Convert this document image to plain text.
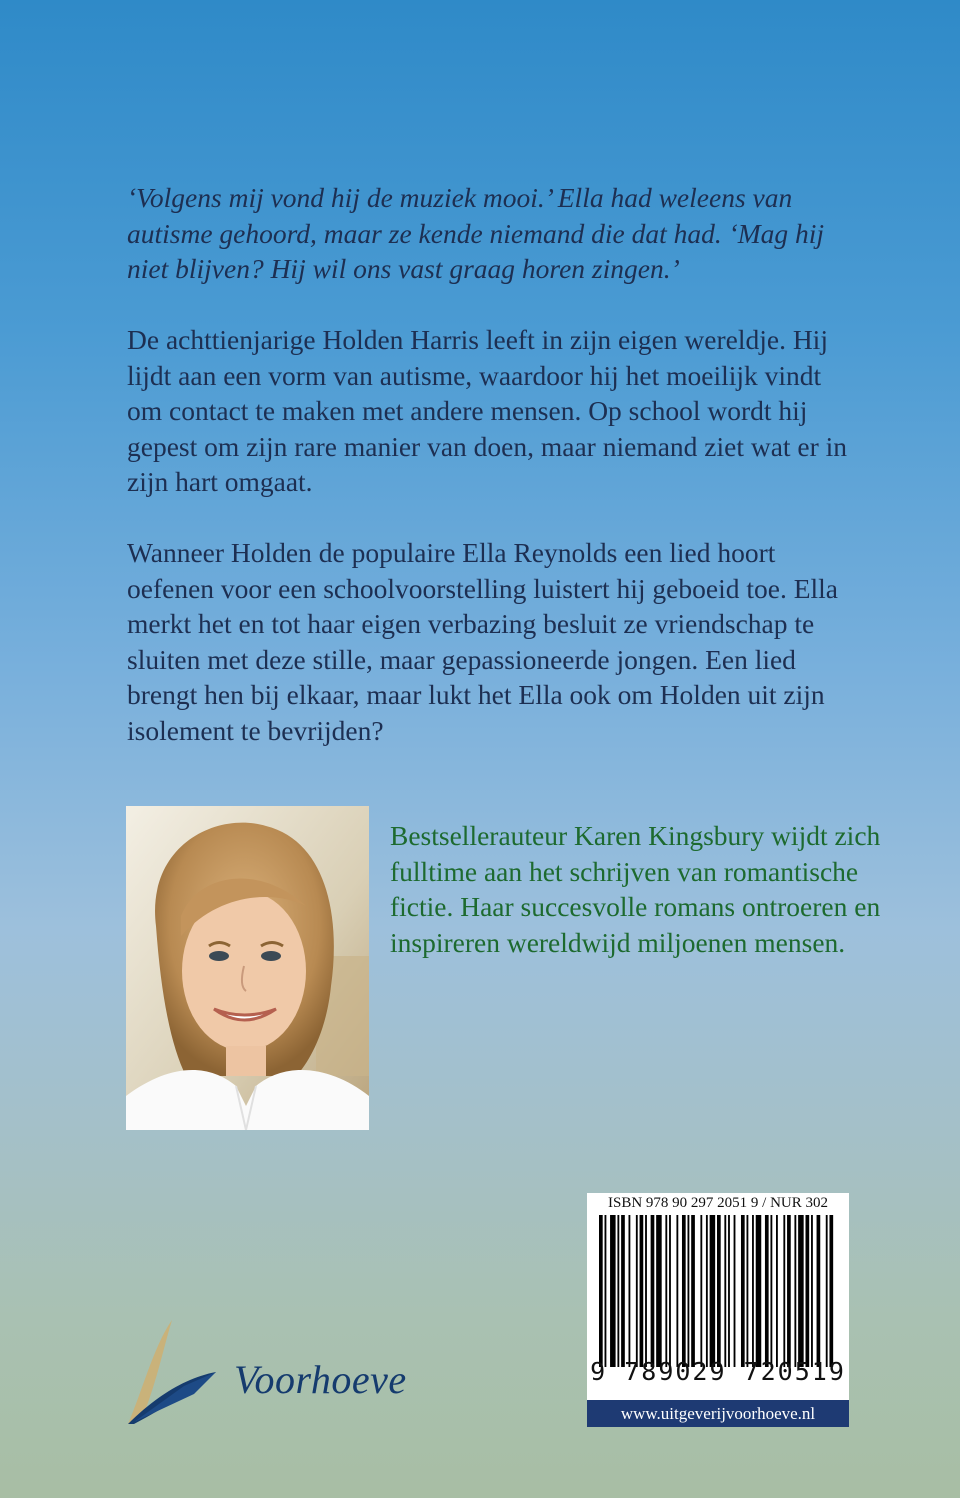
‘Volgens mij vond hij de muziek mooi.’ Ella had weleens van

autisme gehoord, maar ze kende niemand die dat had. ‘Mag hij

niet blijven? Hij wil ons vast graag horen zingen.’

De achttienjarige Holden Harris leeft in zijn eigen wereldje. Hij

lijdt aan een vorm van autisme, waardoor hij het moeilijk vindt

om contact te maken met andere mensen. Op school wordt hij

gepest om zijn rare manier van doen, maar niemand ziet wat er in

zijn hart omgaat.

Wanneer Holden de populaire Ella Reynolds een lied hoort

oefenen voor een schoolvoorstelling luistert hij geboeid toe. Ella

merkt het en tot haar eigen verbazing besluit ze vriendschap te

sluiten met deze stille, maar gepassioneerde jongen. Een lied

brengt hen bij elkaar, maar lukt het Ella ook om Holden uit zijn

isolement te bevrijden?

Bestsellerauteur Karen Kingsbury wijdt zich

fulltime aan het schrijven van romantische

fictie. Haar succesvolle romans ontroeren en

inspireren wereldwijd miljoenen mensen.

Voorhoeve
ISBN 978 90 297 2051 9 / NUR 302
9 789029 720519
www.uitgeverijvoorhoeve.nl
